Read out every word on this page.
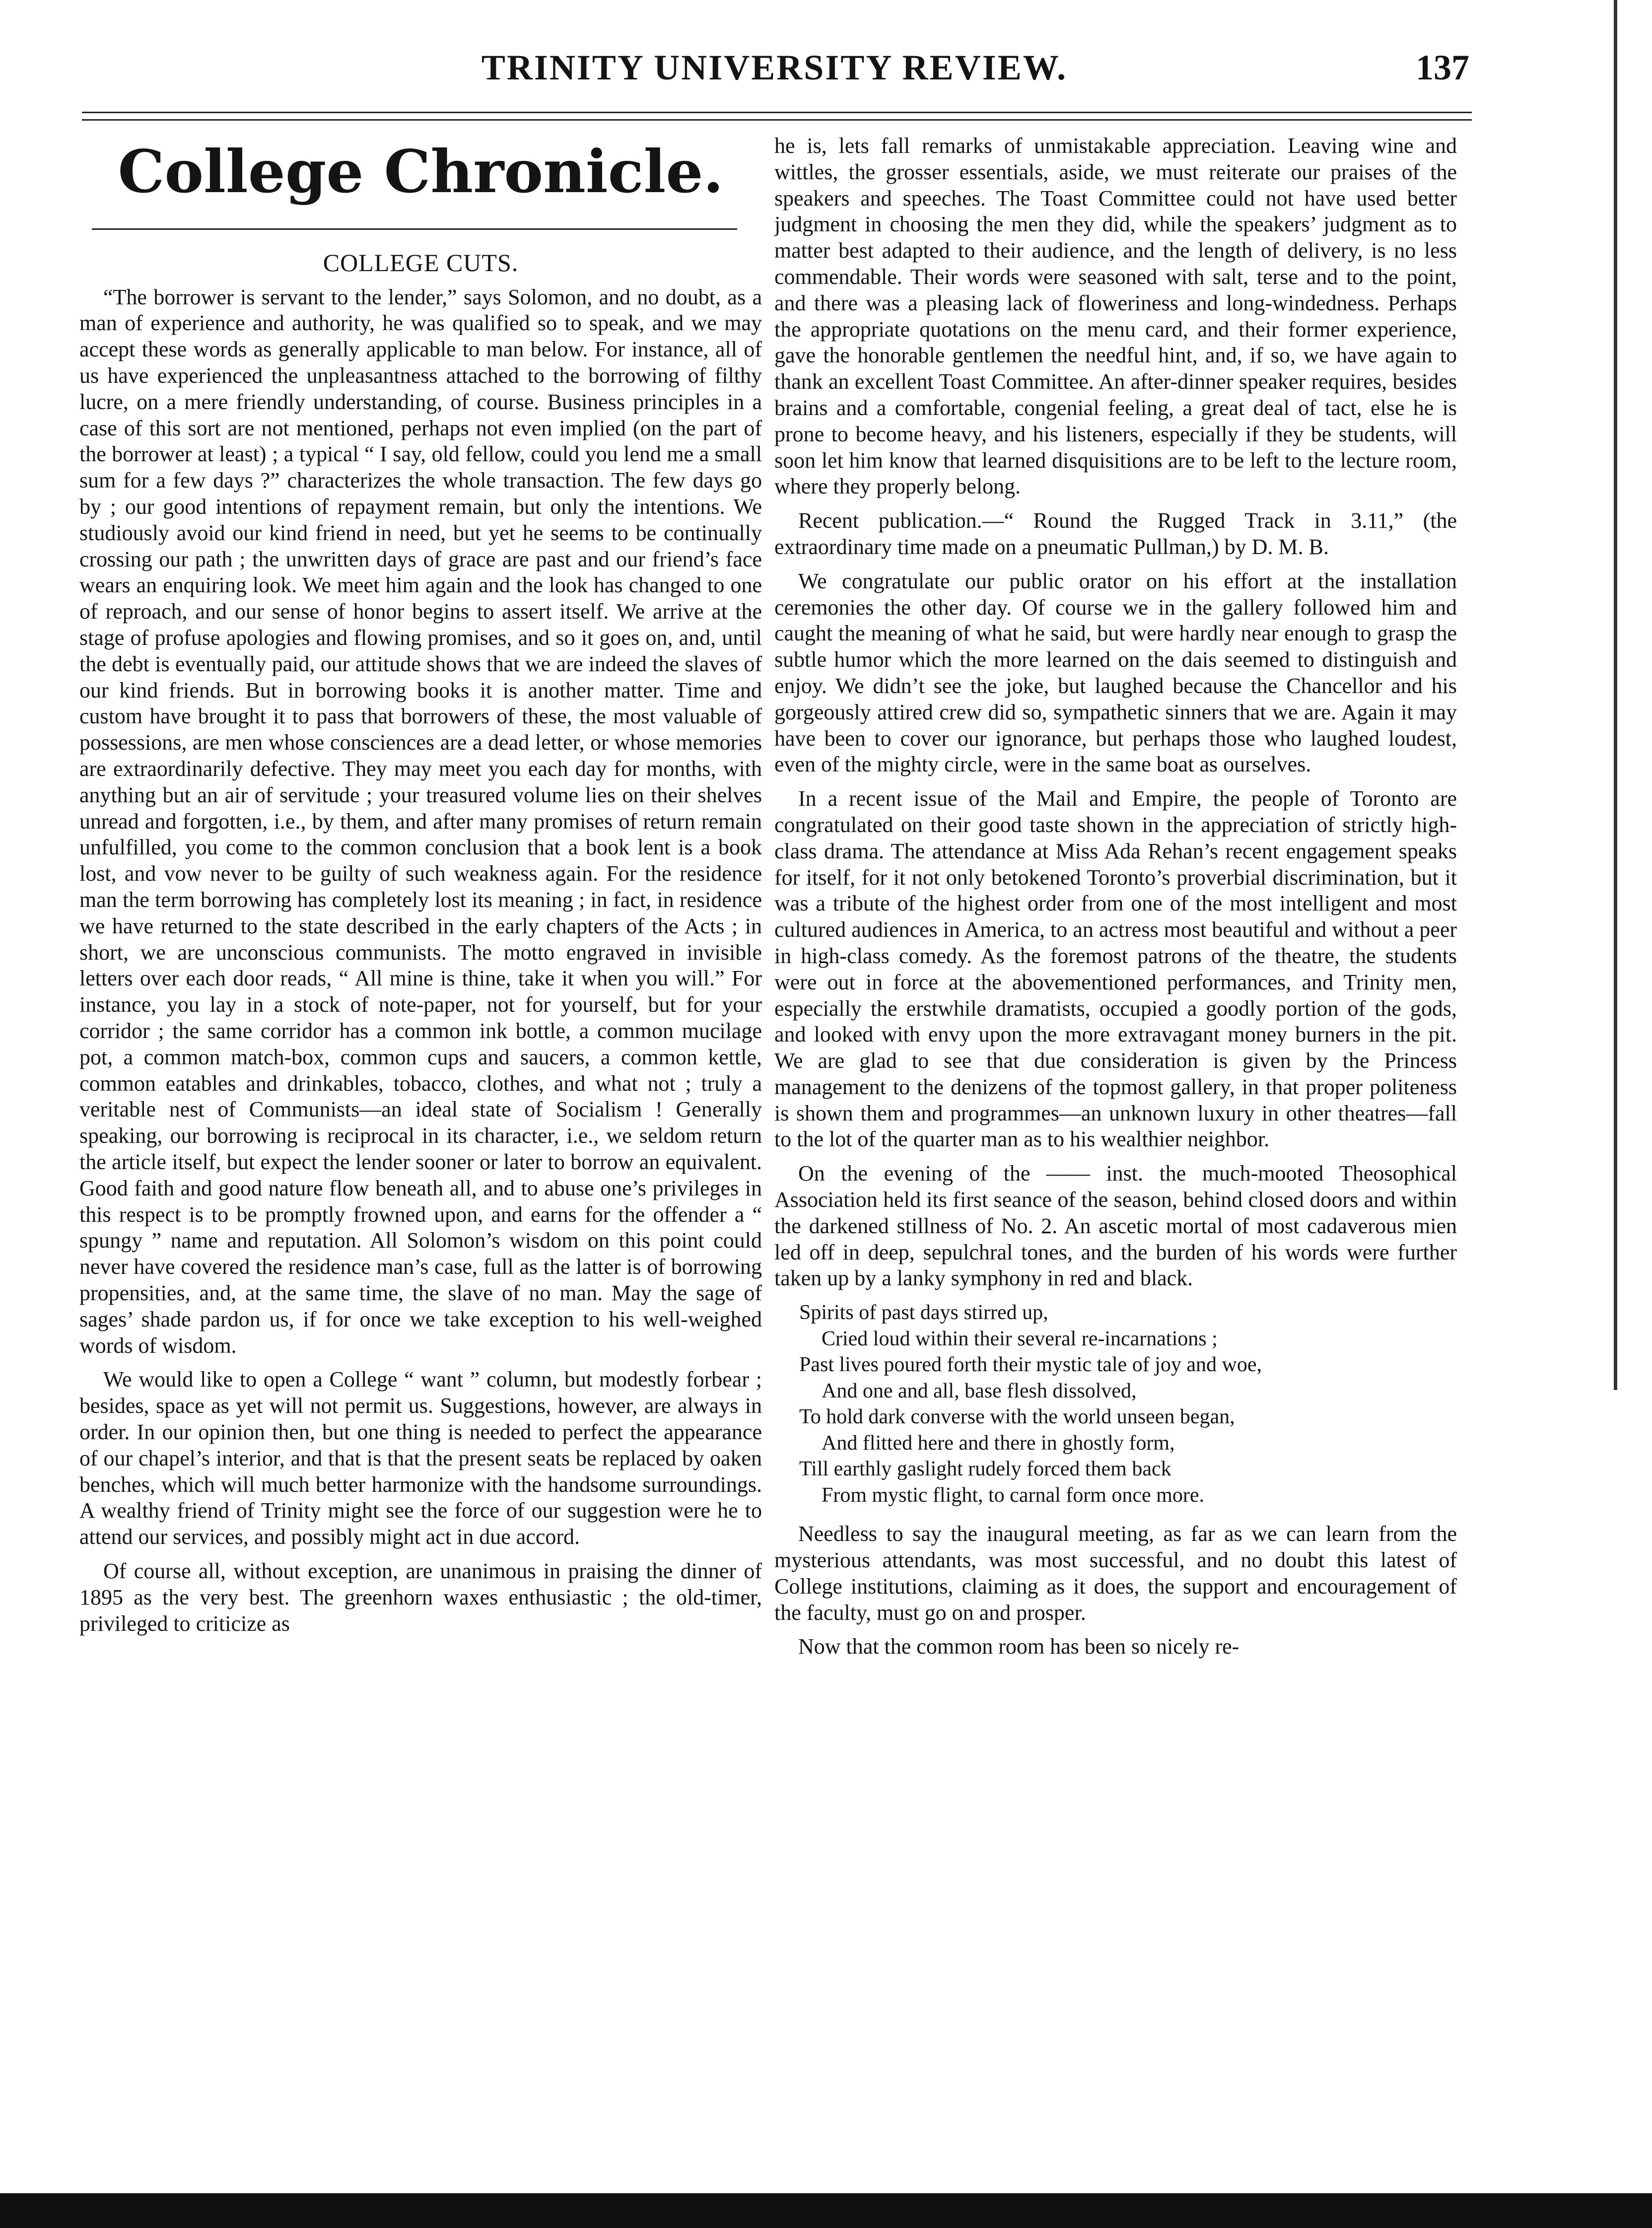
TRINITY UNIVERSITY REVIEW.	137
College Chronicle.
COLLEGE CUTS.

“The borrower is servant to the lender,” says Solomon, and no doubt, as a man of experience and authority, he was qualified so to speak, and we may accept these words as generally applicable to man below. For instance, all of us have experienced the unpleasantness attached to the borrowing of filthy lucre, on a mere friendly understanding, of course. Business principles in a case of this sort are not mentioned, perhaps not even implied (on the part of the borrower at least) ; a typical “ I say, old fellow, could you lend me a small sum for a few days ?” characterizes the whole transaction. The few days go by ; our good intentions of repayment remain, but only the intentions. We studiously avoid our kind friend in need, but yet he seems to be continually crossing our path ; the unwritten days of grace are past and our friend’s face wears an enquiring look. We meet him again and the look has changed to one of reproach, and our sense of honor begins to assert itself. We arrive at the stage of profuse apologies and flowing promises, and so it goes on, and, until the debt is eventually paid, our attitude shows that we are indeed the slaves of our kind friends. But in borrowing books it is another matter. Time and custom have brought it to pass that borrowers of these, the most valuable of possessions, are men whose consciences are a dead letter, or whose memories are extraordinarily defective. They may meet you each day for months, with anything but an air of servitude ; your treasured volume lies on their shelves unread and forgotten, i.e., by them, and after many promises of return remain unfulfilled, you come to the common conclusion that a book lent is a book lost, and vow never to be guilty of such weakness again. For the residence man the term borrowing has completely lost its meaning ; in fact, in residence we have returned to the state described in the early chapters of the Acts ; in short, we are unconscious communists. The motto engraved in invisible letters over each door reads, “ All mine is thine, take it when you will.” For instance, you lay in a stock of note-paper, not for yourself, but for your corridor ; the same corridor has a common ink bottle, a common mucilage pot, a common match-box, common cups and saucers, a common kettle, common eatables and drinkables, tobacco, clothes, and what not ; truly a veritable nest of Communists—an ideal state of Socialism ! Generally speaking, our borrowing is reciprocal in its character, i.e., we seldom return the article itself, but expect the lender sooner or later to borrow an equivalent. Good faith and good nature flow beneath all, and to abuse one’s privileges in this respect is to be promptly frowned upon, and earns for the offender a “ spungy ” name and reputation. All Solomon’s wisdom on this point could never have covered the residence man’s case, full as the latter is of borrowing propensities, and, at the same time, the slave of no man. May the sage of sages’ shade pardon us, if for once we take exception to his well-weighed words of wisdom.

We would like to open a College “ want ” column, but modestly forbear ; besides, space as yet will not permit us. Suggestions, however, are always in order. In our opinion then, but one thing is needed to perfect the appearance of our chapel’s interior, and that is that the present seats be replaced by oaken benches, which will much better harmonize with the handsome surroundings. A wealthy friend of Trinity might see the force of our suggestion were he to attend our services, and possibly might act in due accord.

Of course all, without exception, are unanimous in praising the dinner of 1895 as the very best. The greenhorn waxes enthusiastic ; the old-timer, privileged to criticize as

he is, lets fall remarks of unmistakable appreciation. Leaving wine and wittles, the grosser essentials, aside, we must reiterate our praises of the speakers and speeches. The Toast Committee could not have used better judgment in choosing the men they did, while the speakers’ judgment as to matter best adapted to their audience, and the length of delivery, is no less commendable. Their words were seasoned with salt, terse and to the point, and there was a pleasing lack of floweriness and long-windedness. Perhaps the appropriate quotations on the menu card, and their former experience, gave the honorable gentlemen the needful hint, and, if so, we have again to thank an excellent Toast Committee. An after-dinner speaker requires, besides brains and a comfortable, congenial feeling, a great deal of tact, else he is prone to become heavy, and his listeners, especially if they be students, will soon let him know that learned disquisitions are to be left to the lecture room, where they properly belong.

Recent publication.—“ Round the Rugged Track in 3.11,” (the extraordinary time made on a pneumatic Pullman,) by D. M. B.

We congratulate our public orator on his effort at the installation ceremonies the other day. Of course we in the gallery followed him and caught the meaning of what he said, but were hardly near enough to grasp the subtle humor which the more learned on the dais seemed to distinguish and enjoy. We didn’t see the joke, but laughed because the Chancellor and his gorgeously attired crew did so, sympathetic sinners that we are. Again it may have been to cover our ignorance, but perhaps those who laughed loudest, even of the mighty circle, were in the same boat as ourselves.

In a recent issue of the Mail and Empire, the people of Toronto are congratulated on their good taste shown in the appreciation of strictly high-class drama. The attendance at Miss Ada Rehan’s recent engagement speaks for itself, for it not only betokened Toronto’s proverbial discrimination, but it was a tribute of the highest order from one of the most intelligent and most cultured audiences in America, to an actress most beautiful and without a peer in high-class comedy. As the foremost patrons of the theatre, the students were out in force at the abovementioned performances, and Trinity men, especially the erstwhile dramatists, occupied a goodly portion of the gods, and looked with envy upon the more extravagant money burners in the pit. We are glad to see that due consideration is given by the Princess management to the denizens of the topmost gallery, in that proper politeness is shown them and programmes—an unknown luxury in other theatres—fall to the lot of the quarter man as to his wealthier neighbor.

On the evening of the —— inst. the much-mooted Theosophical Association held its first seance of the season, behind closed doors and within the darkened stillness of No. 2. An ascetic mortal of most cadaverous mien led off in deep, sepulchral tones, and the burden of his words were further taken up by a lanky symphony in red and black.

Spirits of past days stirred up,
Cried loud within their several re-incarnations ;
Past lives poured forth their mystic tale of joy and woe,
And one and all, base flesh dissolved,
To hold dark converse with the world unseen began,
And flitted here and there in ghostly form,
Till earthly gaslight rudely forced them back
From mystic flight, to carnal form once more.

Needless to say the inaugural meeting, as far as we can learn from the mysterious attendants, was most successful, and no doubt this latest of College institutions, claiming as it does, the support and encouragement of the faculty, must go on and prosper.

Now that the common room has been so nicely re-
